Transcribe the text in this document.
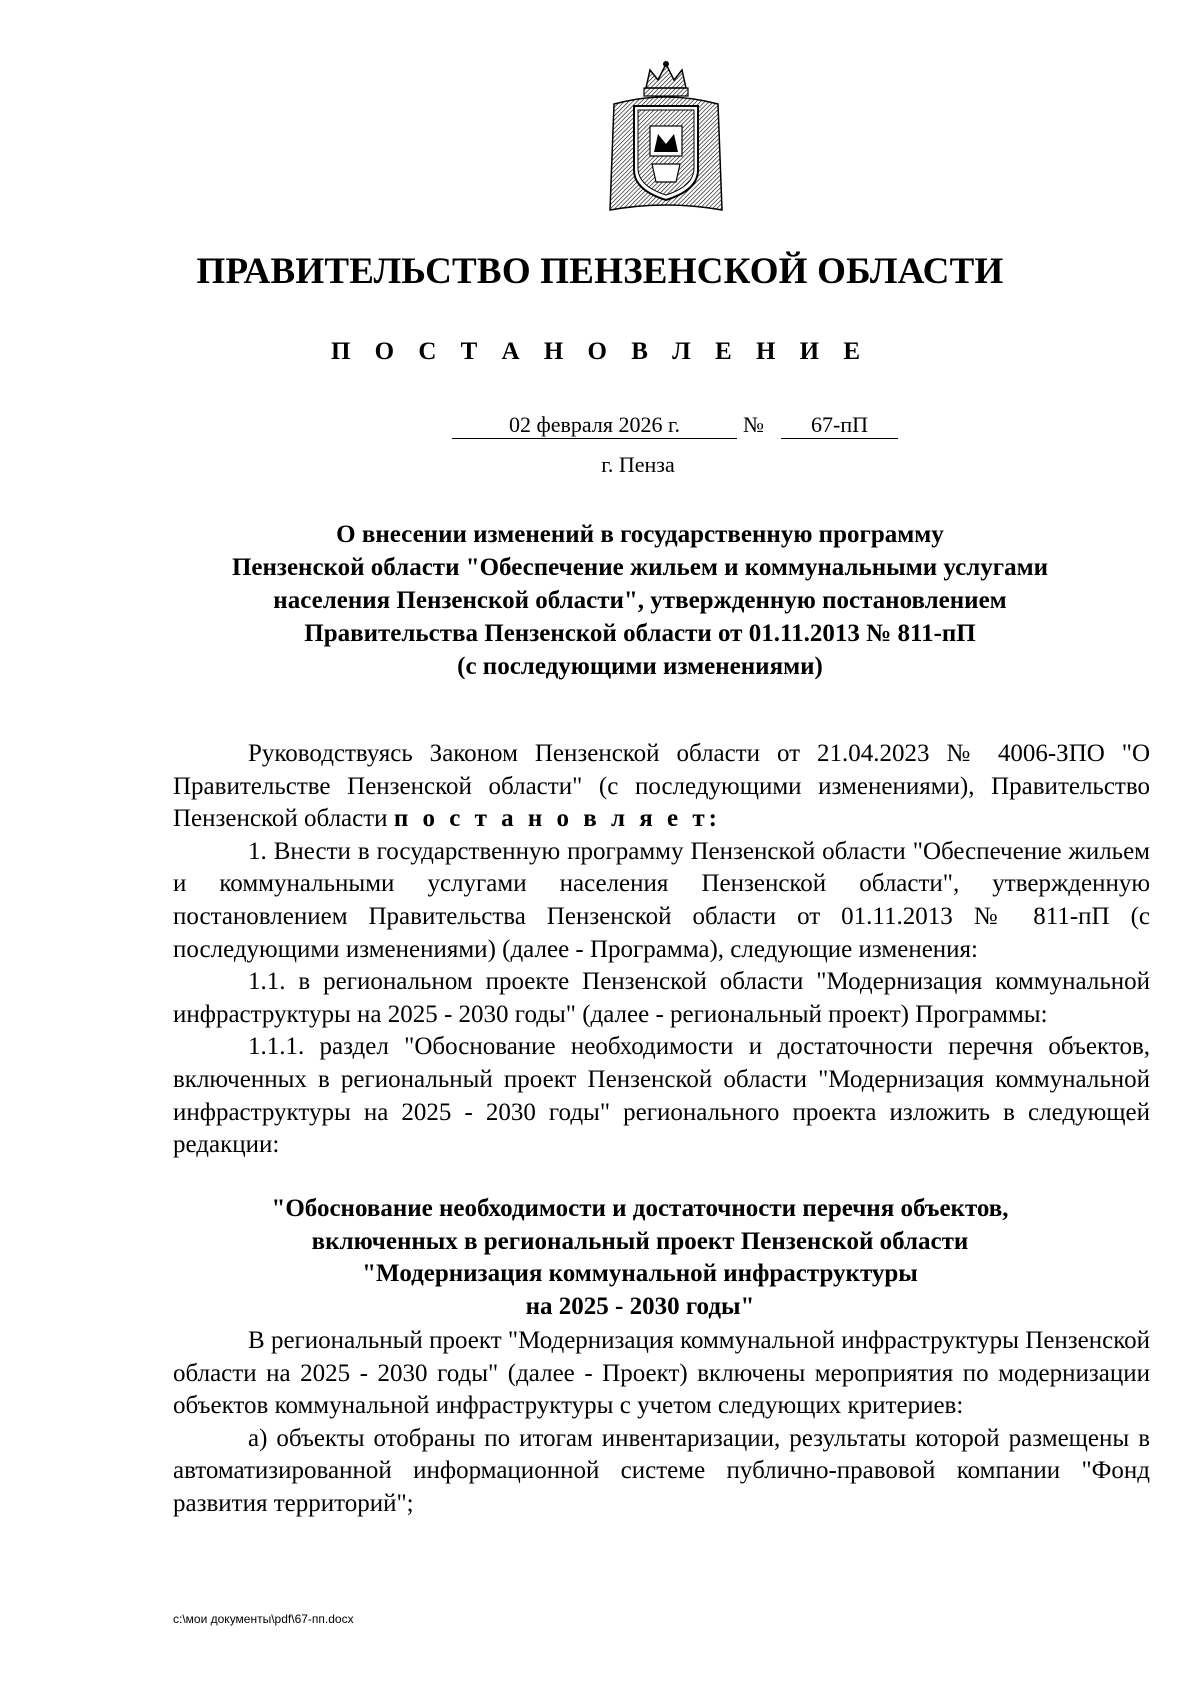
ПРАВИТЕЛЬСТВО ПЕНЗЕНСКОЙ ОБЛАСТИ
П О С Т А Н О В Л Е Н И Е
02 февраля 2026 г.	№	67-пП
г. Пенза
О внесении изменений в государственную программу
Пензенской области "Обеспечение жильем и коммунальными услугами
населения Пензенской области", утвержденную постановлением
Правительства Пензенской области от 01.11.2013 № 811-пП
(с последующими изменениями)

Руководствуясь Законом Пензенской области от 21.04.2023 № 4006-ЗПО "О Правительстве Пензенской области" (с последующими изменениями), Правительство Пензенской области п о с т а н о в л я е т:

1. Внести в государственную программу Пензенской области "Обеспечение жильем и коммунальными услугами населения Пензенской области", утвержденную постановлением Правительства Пензенской области от 01.11.2013 № 811-пП (с последующими изменениями) (далее - Программа), следующие изменения:

1.1. в региональном проекте Пензенской области "Модернизация коммунальной инфраструктуры на 2025 - 2030 годы" (далее - региональный проект) Программы:

1.1.1. раздел "Обоснование необходимости и достаточности перечня объектов, включенных в региональный проект Пензенской области "Модернизация коммунальной инфраструктуры на 2025 - 2030 годы" регионального проекта изложить в следующей редакции:

"Обоснование необходимости и достаточности перечня объектов,
включенных в региональный проект Пензенской области
"Модернизация коммунальной инфраструктуры
на 2025 - 2030 годы"

В региональный проект "Модернизация коммунальной инфраструктуры Пензенской области на 2025 - 2030 годы" (далее - Проект) включены мероприятия по модернизации объектов коммунальной инфраструктуры с учетом следующих критериев:

а) объекты отобраны по итогам инвентаризации, результаты которой размещены в автоматизированной информационной системе публично-правовой компании "Фонд развития территорий";

c:\мои документы\pdf\67-пп.docx
